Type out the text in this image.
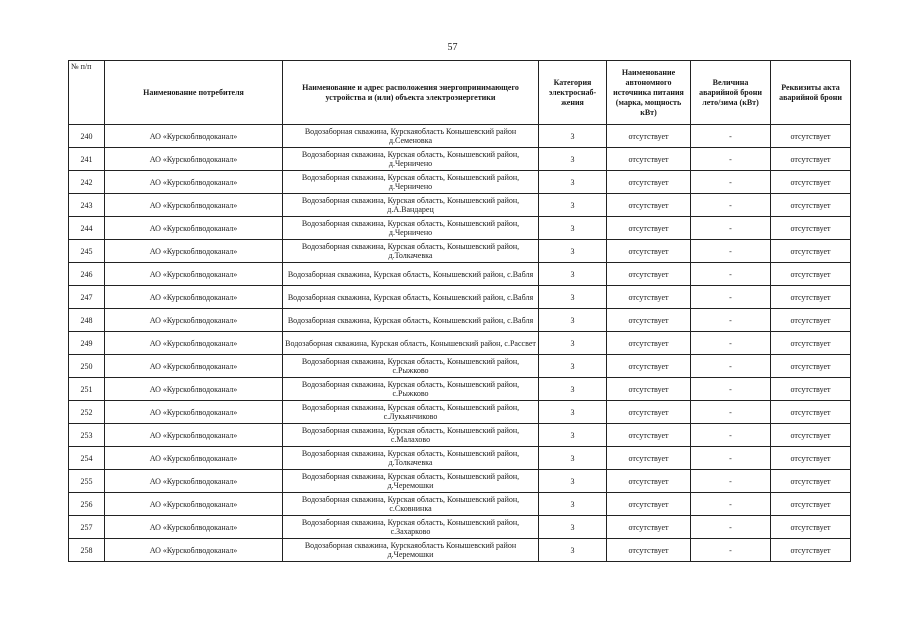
57
№ п/п	Наименование потребителя	Наименование и адрес расположения энергопринимающего устройства и (или) объекта электроэнергетики	Категория электроснаб-жения	Наименование автономного источника питания (марка, мощность кВт)	Величина аварийной брони лето/зима (кВт)	Реквизиты акта аварийной брони
240	АО «Курскоблводоканал»	Водозаборная скважина, Курскаяобласть Конышевский район д.Семеновка	3	отсутствует	-	отсутствует
241	АО «Курскоблводоканал»	Водозаборная скважина, Курская область, Конышевский район, д.Черничено	3	отсутствует	-	отсутствует
242	АО «Курскоблводоканал»	Водозаборная скважина, Курская область, Конышевский район, д.Черничено	3	отсутствует	-	отсутствует
243	АО «Курскоблводоканал»	Водозаборная скважина, Курская область, Конышевский район, д.А.Вандарец	3	отсутствует	-	отсутствует
244	АО «Курскоблводоканал»	Водозаборная скважина, Курская область, Конышевский район, д.Черничено	3	отсутствует	-	отсутствует
245	АО «Курскоблводоканал»	Водозаборная скважина, Курская область, Конышевский район, д.Толкачевка	3	отсутствует	-	отсутствует
246	АО «Курскоблводоканал»	Водозаборная скважина, Курская область, Конышевский район, с.Вабля	3	отсутствует	-	отсутствует
247	АО «Курскоблводоканал»	Водозаборная скважина, Курская область, Конышевский район, с.Вабля	3	отсутствует	-	отсутствует
248	АО «Курскоблводоканал»	Водозаборная скважина, Курская область, Конышевский район, с.Вабля	3	отсутствует	-	отсутствует
249	АО «Курскоблводоканал»	Водозаборная скважина, Курская область, Конышевский район, с.Рассвет	3	отсутствует	-	отсутствует
250	АО «Курскоблводоканал»	Водозаборная скважина, Курская область, Конышевский район, с.Рыжково	3	отсутствует	-	отсутствует
251	АО «Курскоблводоканал»	Водозаборная скважина, Курская область, Конышевский район, с.Рыжково	3	отсутствует	-	отсутствует
252	АО «Курскоблводоканал»	Водозаборная скважина, Курская область, Конышевский район, с.Лукьянчиково	3	отсутствует	-	отсутствует
253	АО «Курскоблводоканал»	Водозаборная скважина, Курская область, Конышевский район, с.Малахово	3	отсутствует	-	отсутствует
254	АО «Курскоблводоканал»	Водозаборная скважина, Курская область, Конышевский район, д.Толкачевка	3	отсутствует	-	отсутствует
255	АО «Курскоблводоканал»	Водозаборная скважина, Курская область, Конышевский район, д.Черемошки	3	отсутствует	-	отсутствует
256	АО «Курскоблводоканал»	Водозаборная скважина, Курская область, Конышевский район, с.Сковнинка	3	отсутствует	-	отсутствует
257	АО «Курскоблводоканал»	Водозаборная скважина, Курская область, Конышевский район, с.Захарково	3	отсутствует	-	отсутствует
258	АО «Курскоблводоканал»	Водозаборная скважина, Курскаяобласть Конышевский район д.Черемошки	3	отсутствует	-	отсутствует
